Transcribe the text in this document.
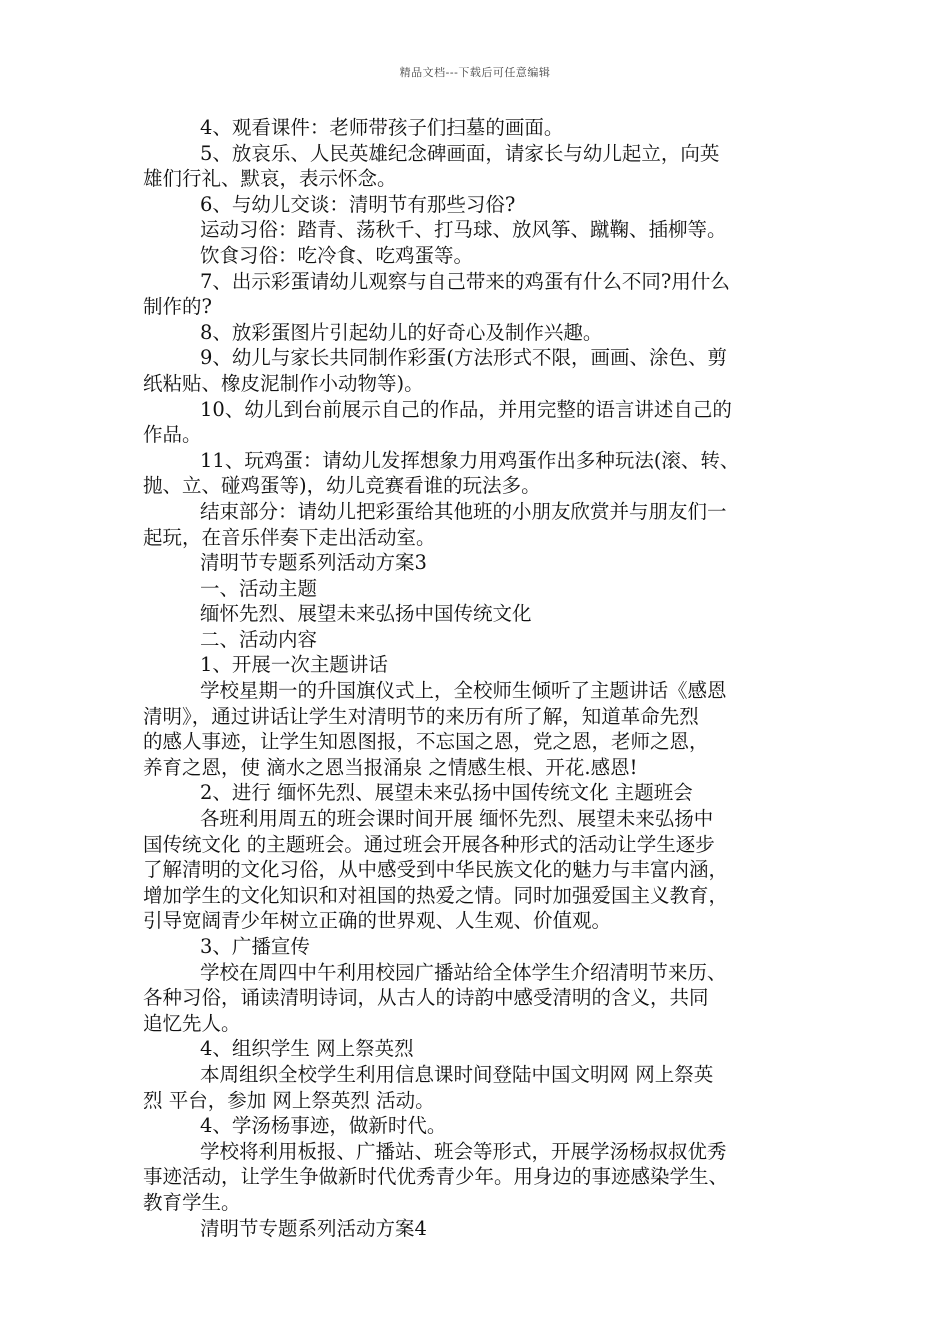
精品文档---下载后可任意编辑
4、观看课件：老师带孩子们扫墓的画面。
5、放哀乐、人民英雄纪念碑画面，请家长与幼儿起立，向英
雄们行礼、默哀，表示怀念。
6、与幼儿交谈：清明节有那些习俗?
运动习俗：踏青、荡秋千、打马球、放风筝、蹴鞠、插柳等。
饮食习俗：吃冷食、吃鸡蛋等。
7、出示彩蛋请幼儿观察与自己带来的鸡蛋有什么不同?用什么
制作的?
8、放彩蛋图片引起幼儿的好奇心及制作兴趣。
9、幼儿与家长共同制作彩蛋(方法形式不限，画画、涂色、剪
纸粘贴、橡皮泥制作小动物等)。
10、幼儿到台前展示自己的作品，并用完整的语言讲述自己的
作品。
11、玩鸡蛋：请幼儿发挥想象力用鸡蛋作出多种玩法(滚、转、
抛、立、碰鸡蛋等)，幼儿竞赛看谁的玩法多。
结束部分：请幼儿把彩蛋给其他班的小朋友欣赏并与朋友们一
起玩，在音乐伴奏下走出活动室。
清明节专题系列活动方案3
一、活动主题
缅怀先烈、展望未来弘扬中国传统文化
二、活动内容
1、开展一次主题讲话
学校星期一的升国旗仪式上，全校师生倾听了主题讲话《感恩
清明》，通过讲话让学生对清明节的来历有所了解，知道革命先烈
的感人事迹，让学生知恩图报，不忘国之恩，党之恩，老师之恩，
养育之恩，使 滴水之恩当报涌泉 之情感生根、开花.感恩!
2、进行 缅怀先烈、展望未来弘扬中国传统文化 主题班会
各班利用周五的班会课时间开展 缅怀先烈、展望未来弘扬中
国传统文化 的主题班会。通过班会开展各种形式的活动让学生逐步
了解清明的文化习俗，从中感受到中华民族文化的魅力与丰富内涵，
增加学生的文化知识和对祖国的热爱之情。同时加强爱国主义教育，
引导宽阔青少年树立正确的世界观、人生观、价值观。
3、广播宣传
学校在周四中午利用校园广播站给全体学生介绍清明节来历、
各种习俗，诵读清明诗词，从古人的诗韵中感受清明的含义，共同
追忆先人。
4、组织学生 网上祭英烈
本周组织全校学生利用信息课时间登陆中国文明网 网上祭英
烈 平台，参加 网上祭英烈 活动。
4、学汤杨事迹，做新时代。
学校将利用板报、广播站、班会等形式，开展学汤杨叔叔优秀
事迹活动，让学生争做新时代优秀青少年。用身边的事迹感染学生、
教育学生。
清明节专题系列活动方案4
